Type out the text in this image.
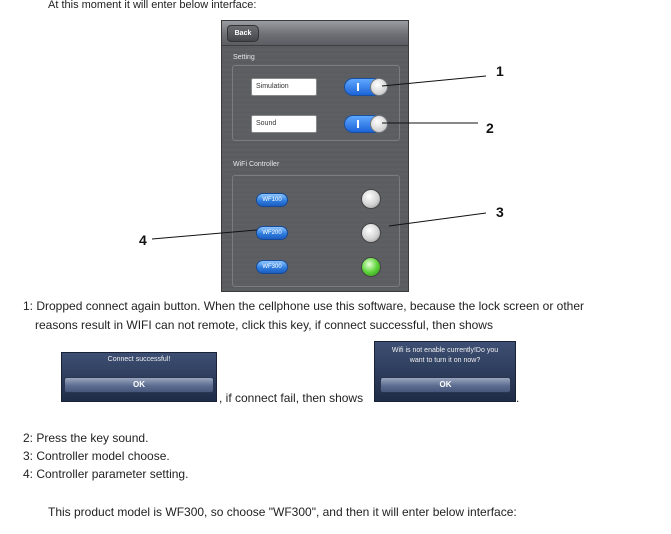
At this moment it will enter below interface:
Back
Setting
Simulation
Sound
WiFi Controller
WF100
WF200
WF300
1
2
3
4
1: Dropped connect again button. When the cellphone use this software, because the lock screen or other
reasons result in WIFI can not remote, click this key, if connect successful, then shows
Connect successful!
OK
, if connect fail, then shows
Wifi is not enable currently!Do you
want to turn it on now?
OK
.
2: Press the key sound.
3: Controller model choose.
4: Controller parameter setting.
This product model is WF300, so choose "WF300", and then it will enter below interface:
